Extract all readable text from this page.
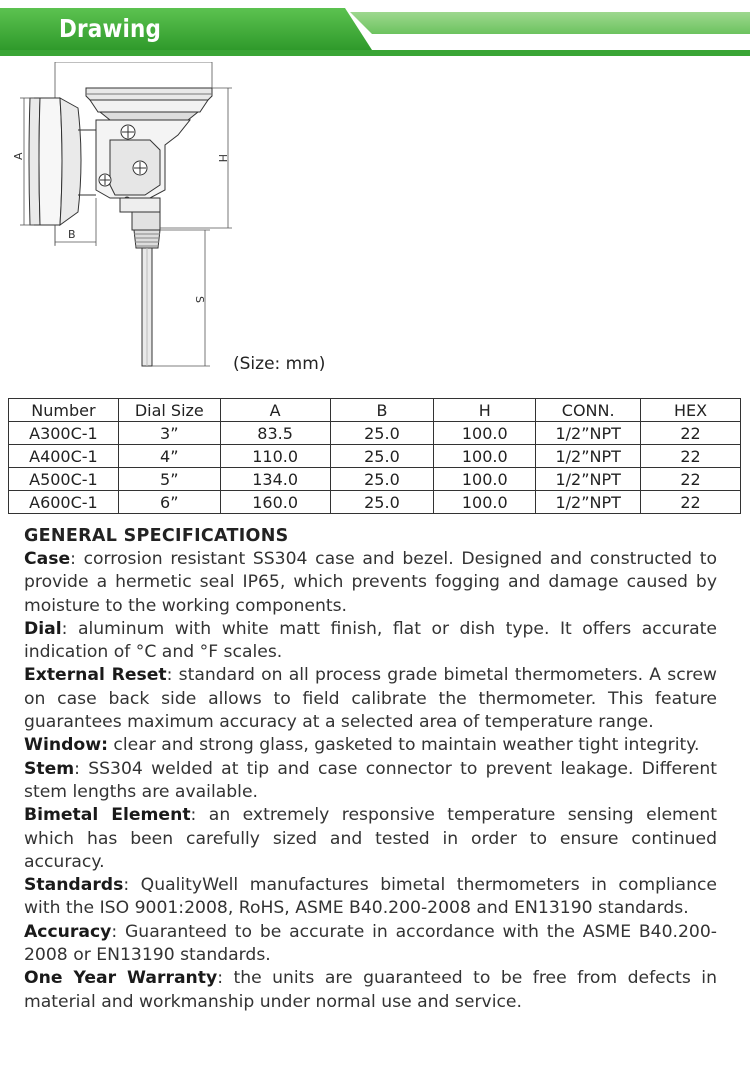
Drawing
A
B
H
S
(Size: mm)
Number	Dial Size	A	B	H	CONN.	HEX
A300C-1	3”	83.5	25.0	100.0	1/2”NPT	22
A400C-1	4”	110.0	25.0	100.0	1/2”NPT	22
A500C-1	5”	134.0	25.0	100.0	1/2”NPT	22
A600C-1	6”	160.0	25.0	100.0	1/2”NPT	22
GENERAL SPECIFICATIONS

Case: corrosion resistant SS304 case and bezel. Designed and constructed to provide a hermetic seal IP65, which prevents fogging and damage caused by moisture to the working components.

Dial: aluminum with white matt finish, flat or dish type. It offers accurate indication of °C and °F scales.

External Reset: standard on all process grade bimetal thermometers. A screw on case back side allows to field calibrate the thermometer. This feature guarantees maximum accuracy at a selected area of temperature range.

Window: clear and strong glass, gasketed to maintain weather tight integrity.

Stem: SS304 welded at tip and case connector to prevent leakage. Different stem lengths are available.

Bimetal Element: an extremely responsive temperature sensing element which has been carefully sized and tested in order to ensure continued accuracy.

Standards: QualityWell manufactures bimetal thermometers in compliance with the ISO 9001:2008, RoHS, ASME B40.200-2008 and EN13190 standards.

Accuracy: Guaranteed to be accurate in accordance with the ASME B40.200-2008 or EN13190 standards.

One Year Warranty: the units are guaranteed to be free from defects in material and workmanship under normal use and service.
